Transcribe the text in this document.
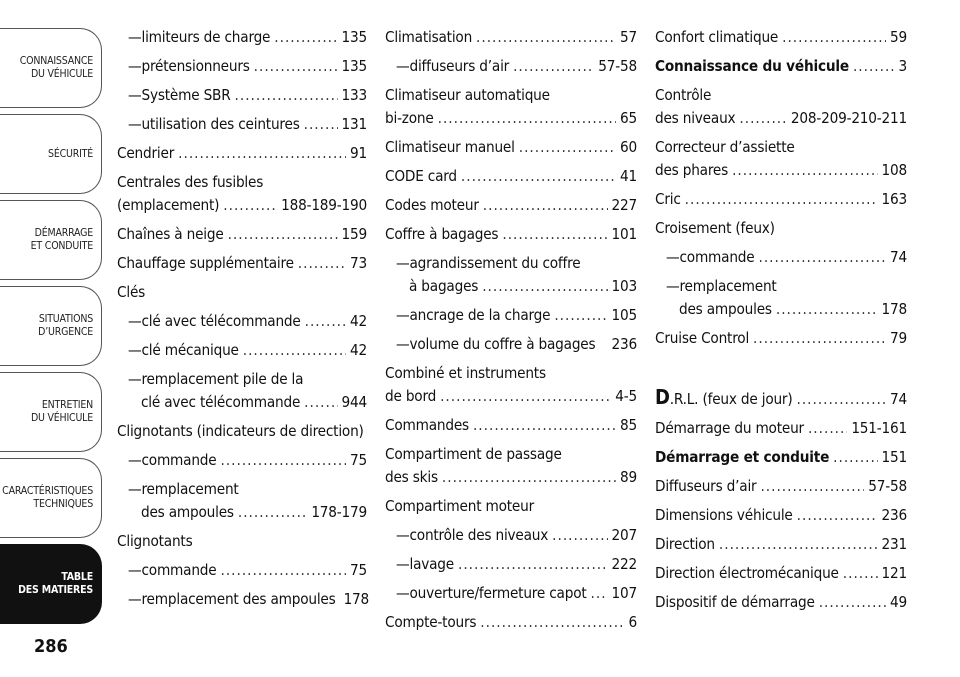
CONNAISSANCE
DU VÉHICULE
SÉCURITÉ
DÉMARRAGE
ET CONDUITE
SITUATIONS
D’URGENCE
ENTRETIEN
DU VÉHICULE
CARACTÉRISTIQUES
TECHNIQUES
TABLE
DES MATIERES
286
— limiteurs de charge .....	135
— prétensionneurs .....	135
— Système SBR .....	133
— utilisation des ceintures .....	131
Cendrier .....	91
Centrales des fusibles
(emplacement) .....	188-189-190
Chaînes à neige .....	159
Chauffage supplémentaire .....	73
Clés
— clé avec télécommande .....	42
— clé mécanique .....	42
— remplacement pile de la
clé avec télécommande .....	944
Clignotants (indicateurs de direction)
— commande .....	75
— remplacement
des ampoules .....	178-179
Clignotants
— commande .....	75
— remplacement des ampoules 178
Climatisation .....	57
— diffuseurs d’air .....	57-58
Climatiseur automatique
bi-zone .....	65
Climatiseur manuel .....	60
CODE card .....	41
Codes moteur .....	227
Coffre à bagages .....	101
— agrandissement du coffre
à bagages .....	103
— ancrage de la charge .....	105
— volume du coffre à bagages 236
Combiné et instruments
de bord .....	4-5
Commandes .....	85
Compartiment de passage
des skis .....	89
Compartiment moteur
— contrôle des niveaux .....	207
— lavage .....	222
— ouverture/fermeture capot ..... 107
Compte-tours .....	6
Confort climatique .....	59
Connaissance du véhicule .....	3
Contrôle
des niveaux .....	208-209-210-211
Correcteur d’assiette
des phares .....	108
Cric .....	163
Croisement (feux)
— commande .....	74
— remplacement
des ampoules .....	178
Cruise Control .....	79
D.R.L. (feux de jour) .....	74
Démarrage du moteur .....	151-161
Démarrage et conduite .....	151
Diffuseurs d’air .....	57-58
Dimensions véhicule .....	236
Direction .....	231
Direction électromécanique .....	121
Dispositif de démarrage .....	49
